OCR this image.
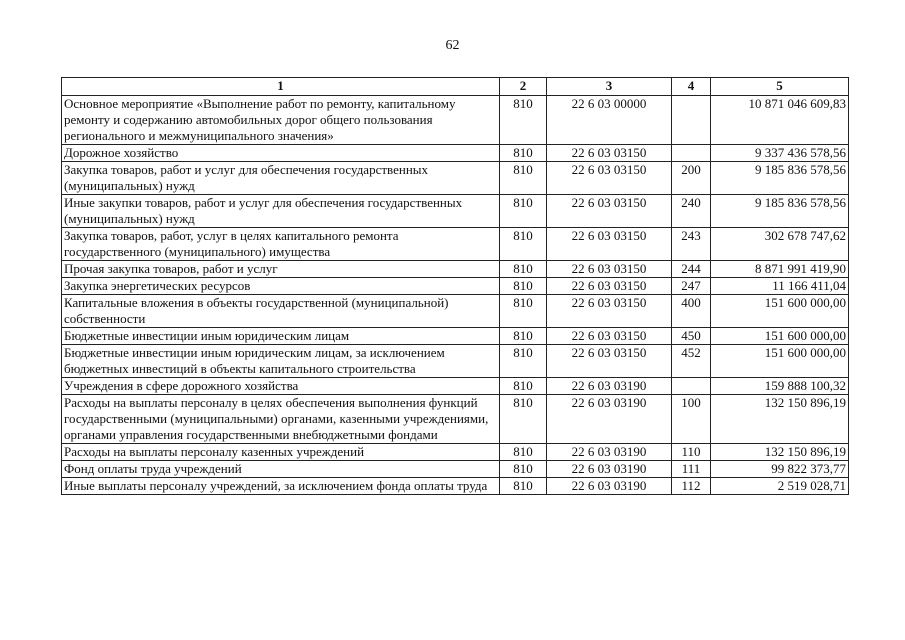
62
1	2	3	4	5
Основное мероприятие «Выполнение работ по ремонту, капитальному ремонту и содержанию автомобильных дорог общего пользования регионального и межмуниципального значения»	810	22 6 03 00000		10 871 046 609,83
Дорожное хозяйство	810	22 6 03 03150		9 337 436 578,56
Закупка товаров, работ и услуг для обеспечения государственных (муниципальных) нужд	810	22 6 03 03150	200	9 185 836 578,56
Иные закупки товаров, работ и услуг для обеспечения государственных (муниципальных) нужд	810	22 6 03 03150	240	9 185 836 578,56
Закупка товаров, работ, услуг в целях капитального ремонта государственного (муниципального) имущества	810	22 6 03 03150	243	302 678 747,62
Прочая закупка товаров, работ и услуг	810	22 6 03 03150	244	8 871 991 419,90
Закупка энергетических ресурсов	810	22 6 03 03150	247	11 166 411,04
Капитальные вложения в объекты государственной (муниципальной) собственности	810	22 6 03 03150	400	151 600 000,00
Бюджетные инвестиции иным юридическим лицам	810	22 6 03 03150	450	151 600 000,00
Бюджетные инвестиции иным юридическим лицам, за исключением бюджетных инвестиций в объекты капитального строительства	810	22 6 03 03150	452	151 600 000,00
Учреждения в сфере дорожного хозяйства	810	22 6 03 03190		159 888 100,32
Расходы на выплаты персоналу в целях обеспечения выполнения функций государственными (муниципальными) органами, казенными учреждениями, органами управления государственными внебюджетными фондами	810	22 6 03 03190	100	132 150 896,19
Расходы на выплаты персоналу казенных учреждений	810	22 6 03 03190	110	132 150 896,19
Фонд оплаты труда учреждений	810	22 6 03 03190	111	99 822 373,77
Иные выплаты персоналу учреждений, за исключением фонда оплаты труда	810	22 6 03 03190	112	2 519 028,71
